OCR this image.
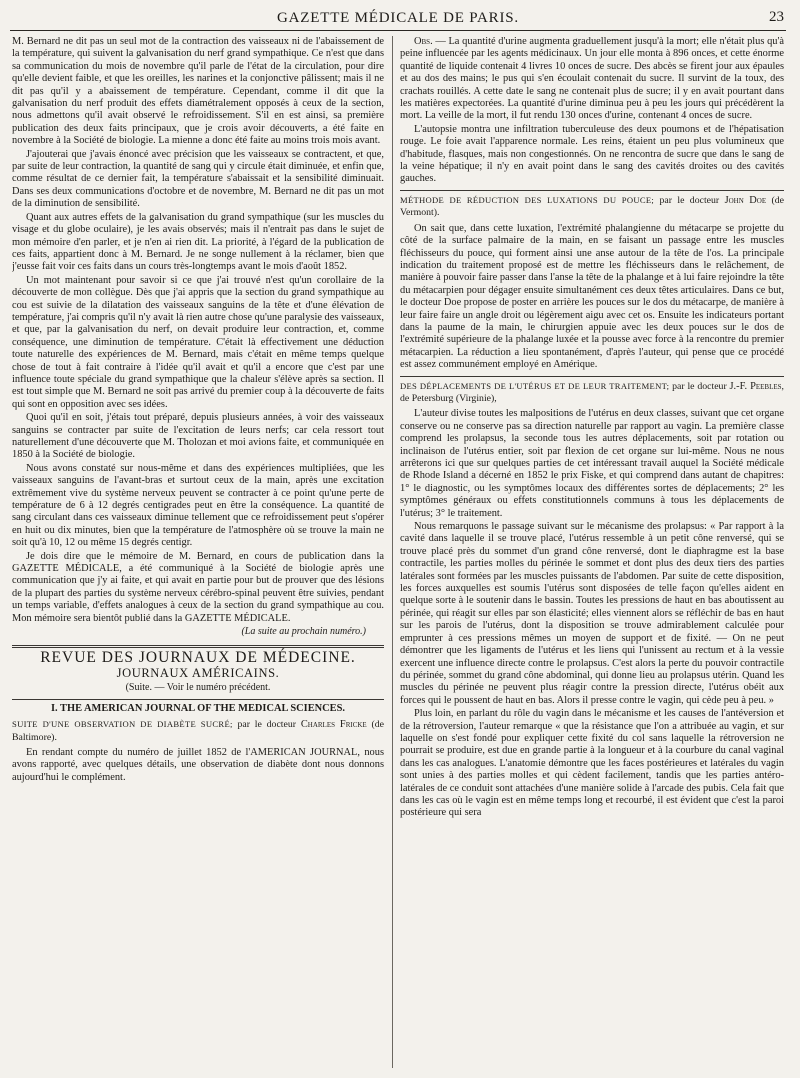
GAZETTE MÉDICALE DE PARIS.	23

M. Bernard ne dit pas un seul mot de la contraction des vaisseaux ni de l'abaissement de la température, qui suivent la galvanisation du nerf grand sympathique. Ce n'est que dans sa communication du mois de novembre qu'il parle de l'état de la circulation, pour dire qu'elle devient faible, et que les oreilles, les narines et la conjonctive pâlissent; mais il ne dit pas qu'il y a abaissement de température. Cependant, comme il dit que la galvanisation du nerf produit des effets diamétralement opposés à ceux de la section, nous admettons qu'il avait observé le refroidissement. S'il en est ainsi, sa première publication des deux faits principaux, que je crois avoir découverts, a été faite en novembre à la Société de biologie. La mienne a donc été faite au moins trois mois avant.

J'ajouterai que j'avais énoncé avec précision que les vaisseaux se contractent, et que, par suite de leur contraction, la quantité de sang qui y circule était diminuée, et enfin que, comme résultat de ce dernier fait, la température s'abaissait et la sensibilité diminuait. Dans ses deux communications d'octobre et de novembre, M. Bernard ne dit pas un mot de la diminution de sensibilité.

Quant aux autres effets de la galvanisation du grand sympathique (sur les muscles du visage et du globe oculaire), je les avais observés; mais il n'entrait pas dans le sujet de mon mémoire d'en parler, et je n'en ai rien dit. La priorité, à l'égard de la publication de ces faits, appartient donc à M. Bernard. Je ne songe nullement à la réclamer, bien que j'eusse fait voir ces faits dans un cours très-longtemps avant le mois d'août 1852.

Un mot maintenant pour savoir si ce que j'ai trouvé n'est qu'un corollaire de la découverte de mon collègue. Dès que j'ai appris que la section du grand sympathique au cou est suivie de la dilatation des vaisseaux sanguins de la tête et d'une élévation de température, j'ai compris qu'il n'y avait là rien autre chose qu'une paralysie des vaisseaux, et que, par la galvanisation du nerf, on devait produire leur contraction, et, comme conséquence, une diminution de température. C'était là effectivement une déduction toute naturelle des expériences de M. Bernard, mais c'était en même temps quelque chose de tout à fait contraire à l'idée qu'il avait et qu'il a encore que c'est par une influence toute spéciale du grand sympathique que la chaleur s'élève après sa section. Il est tout simple que M. Bernard ne soit pas arrivé du premier coup à la découverte de faits qui sont en opposition avec ses idées.

Quoi qu'il en soit, j'étais tout préparé, depuis plusieurs années, à voir des vaisseaux sanguins se contracter par suite de l'excitation de leurs nerfs; car cela ressort tout naturellement d'une découverte que M. Tholozan et moi avions faite, et communiquée en 1850 à la Société de biologie.

Nous avons constaté sur nous-même et dans des expériences multipliées, que les vaisseaux sanguins de l'avant-bras et surtout ceux de la main, après une excitation extrêmement vive du système nerveux peuvent se contracter à ce point qu'une perte de température de 6 à 12 degrés centigrades peut en être la conséquence. La quantité de sang circulant dans ces vaisseaux diminue tellement que ce refroidissement peut s'opérer en huit ou dix minutes, bien que la température de l'atmosphère où se trouve la main ne soit qu'à 10, 12 ou même 15 degrés centigr.

Je dois dire que le mémoire de M. Bernard, en cours de publication dans la GAZETTE MÉDICALE, a été communiqué à la Société de biologie après une communication que j'y ai faite, et qui avait en partie pour but de prouver que des lésions de la plupart des parties du système nerveux cérébro-spinal peuvent être suivies, pendant un temps variable, d'effets analogues à ceux de la section du grand sympathique au cou. Mon mémoire sera bientôt publié dans la GAZETTE MÉDICALE.

(La suite au prochain numéro.)
REVUE DES JOURNAUX DE MÉDECINE.
JOURNAUX AMÉRICAINS.
(Suite. — Voir le numéro précédent.
I. THE AMERICAN JOURNAL OF THE MEDICAL SCIENCES.

SUITE D'UNE OBSERVATION DE DIABÈTE SUCRÉ; par le docteur Charles Fricke (de Baltimore).

En rendant compte du numéro de juillet 1852 de l'AMERICAN JOURNAL, nous avons rapporté, avec quelques détails, une observation de diabète dont nous donnons aujourd'hui le complément.

Obs. — La quantité d'urine augmenta graduellement jusqu'à la mort; elle n'était plus qu'à peine influencée par les agents médicinaux. Un jour elle monta à 896 onces, et cette énorme quantité de liquide contenait 4 livres 10 onces de sucre. Des abcès se firent jour aux épaules et au dos des mains; le pus qui s'en écoulait contenait du sucre. Il survint de la toux, des crachats rouillés. A cette date le sang ne contenait plus de sucre; il y en avait pourtant dans les matières expectorées. La quantité d'urine diminua peu à peu les jours qui précédèrent la mort. La veille de la mort, il fut rendu 130 onces d'urine, contenant 4 onces de sucre.

L'autopsie montra une infiltration tuberculeuse des deux poumons et de l'hépatisation rouge. Le foie avait l'apparence normale. Les reins, étaient un peu plus volumineux que d'habitude, flasques, mais non congestionnés. On ne rencontra de sucre que dans le sang de la veine hépatique; il n'y en avait point dans le sang des cavités droites ou des cavités gauches.

MÉTHODE DE RÉDUCTION DES LUXATIONS DU POUCE; par le docteur John Doe (de Vermont).

On sait que, dans cette luxation, l'extrémité phalangienne du métacarpe se projette du côté de la surface palmaire de la main, en se faisant un passage entre les muscles fléchisseurs du pouce, qui forment ainsi une anse autour de la tête de l'os. La principale indication du traitement proposé est de mettre les fléchisseurs dans le relâchement, de manière à pouvoir faire passer dans l'anse la tête de la phalange et à lui faire rejoindre la tête du métacarpien pour dégager ensuite simultanément ces deux têtes articulaires. Dans ce but, le docteur Doe propose de poster en arrière les pouces sur le dos du métacarpe, de manière à leur faire faire un angle droit ou légèrement aigu avec cet os. Ensuite les indicateurs portant dans la paume de la main, le chirurgien appuie avec les deux pouces sur le dos de l'extrémité supérieure de la phalange luxée et la pousse avec force à la rencontre du premier métacarpien. La réduction a lieu spontanément, d'après l'auteur, qui pense que ce procédé est assez communément employé en Amérique.

DES DÉPLACEMENTS DE L'UTÉRUS ET DE LEUR TRAITEMENT; par le docteur J.-F. Peebles, de Petersburg (Virginie),

L'auteur divise toutes les malpositions de l'utérus en deux classes, suivant que cet organe conserve ou ne conserve pas sa direction naturelle par rapport au vagin. La première classe comprend les prolapsus, la seconde tous les autres déplacements, soit par rotation ou inclinaison de l'utérus entier, soit par flexion de cet organe sur lui-même. Nous ne nous arrêterons ici que sur quelques parties de cet intéressant travail auquel la Société médicale de Rhode Island a décerné en 1852 le prix Fiske, et qui comprend dans autant de chapitres: 1° le diagnostic, ou les symptômes locaux des différentes sortes de déplacements; 2° les symptômes généraux ou effets constitutionnels communs à tous les déplacements de l'utérus; 3° le traitement.

Nous remarquons le passage suivant sur le mécanisme des prolapsus: « Par rapport à la cavité dans laquelle il se trouve placé, l'utérus ressemble à un petit cône renversé, qui se trouve placé près du sommet d'un grand cône renversé, dont le diaphragme est la base contractile, les parties molles du périnée le sommet et dont plus des deux tiers des parties latérales sont formées par les muscles puissants de l'abdomen. Par suite de cette disposition, les forces auxquelles est soumis l'utérus sont disposées de telle façon qu'elles aident en quelque sorte à le soutenir dans le bassin. Toutes les pressions de haut en bas aboutissent au périnée, qui réagit sur elles par son élasticité; elles viennent alors se réfléchir de bas en haut sur les parois de l'utérus, dont la disposition se trouve admirablement calculée pour emprunter à ces pressions mêmes un moyen de support et de fixité. — On ne peut démontrer que les ligaments de l'utérus et les liens qui l'unissent au rectum et à la vessie exercent une influence directe contre le prolapsus. C'est alors la perte du pouvoir contractile du périnée, sommet du grand cône abdominal, qui donne lieu au prolapsus utérin. Quand les muscles du périnée ne peuvent plus réagir contre la pression directe, l'utérus obéit aux forces qui le poussent de haut en bas. Alors il presse contre le vagin, qui cède peu à peu. »

Plus loin, en parlant du rôle du vagin dans le mécanisme et les causes de l'antéversion et de la rétroversion, l'auteur remarque « que la résistance que l'on a attribuée au vagin, et sur laquelle on s'est fondé pour expliquer cette fixité du col sans laquelle la rétroversion ne pourrait se produire, est due en grande partie à la longueur et à la courbure du canal vaginal dans les cas analogues. L'anatomie démontre que les faces postérieures et latérales du vagin sont unies à des parties molles et qui cèdent facilement, tandis que les parties antéro-latérales de ce conduit sont attachées d'une manière solide à l'arcade des pubis. Cela fait que dans les cas où le vagin est en même temps long et recourbé, il est évident que c'est la paroi postérieure qui sera
